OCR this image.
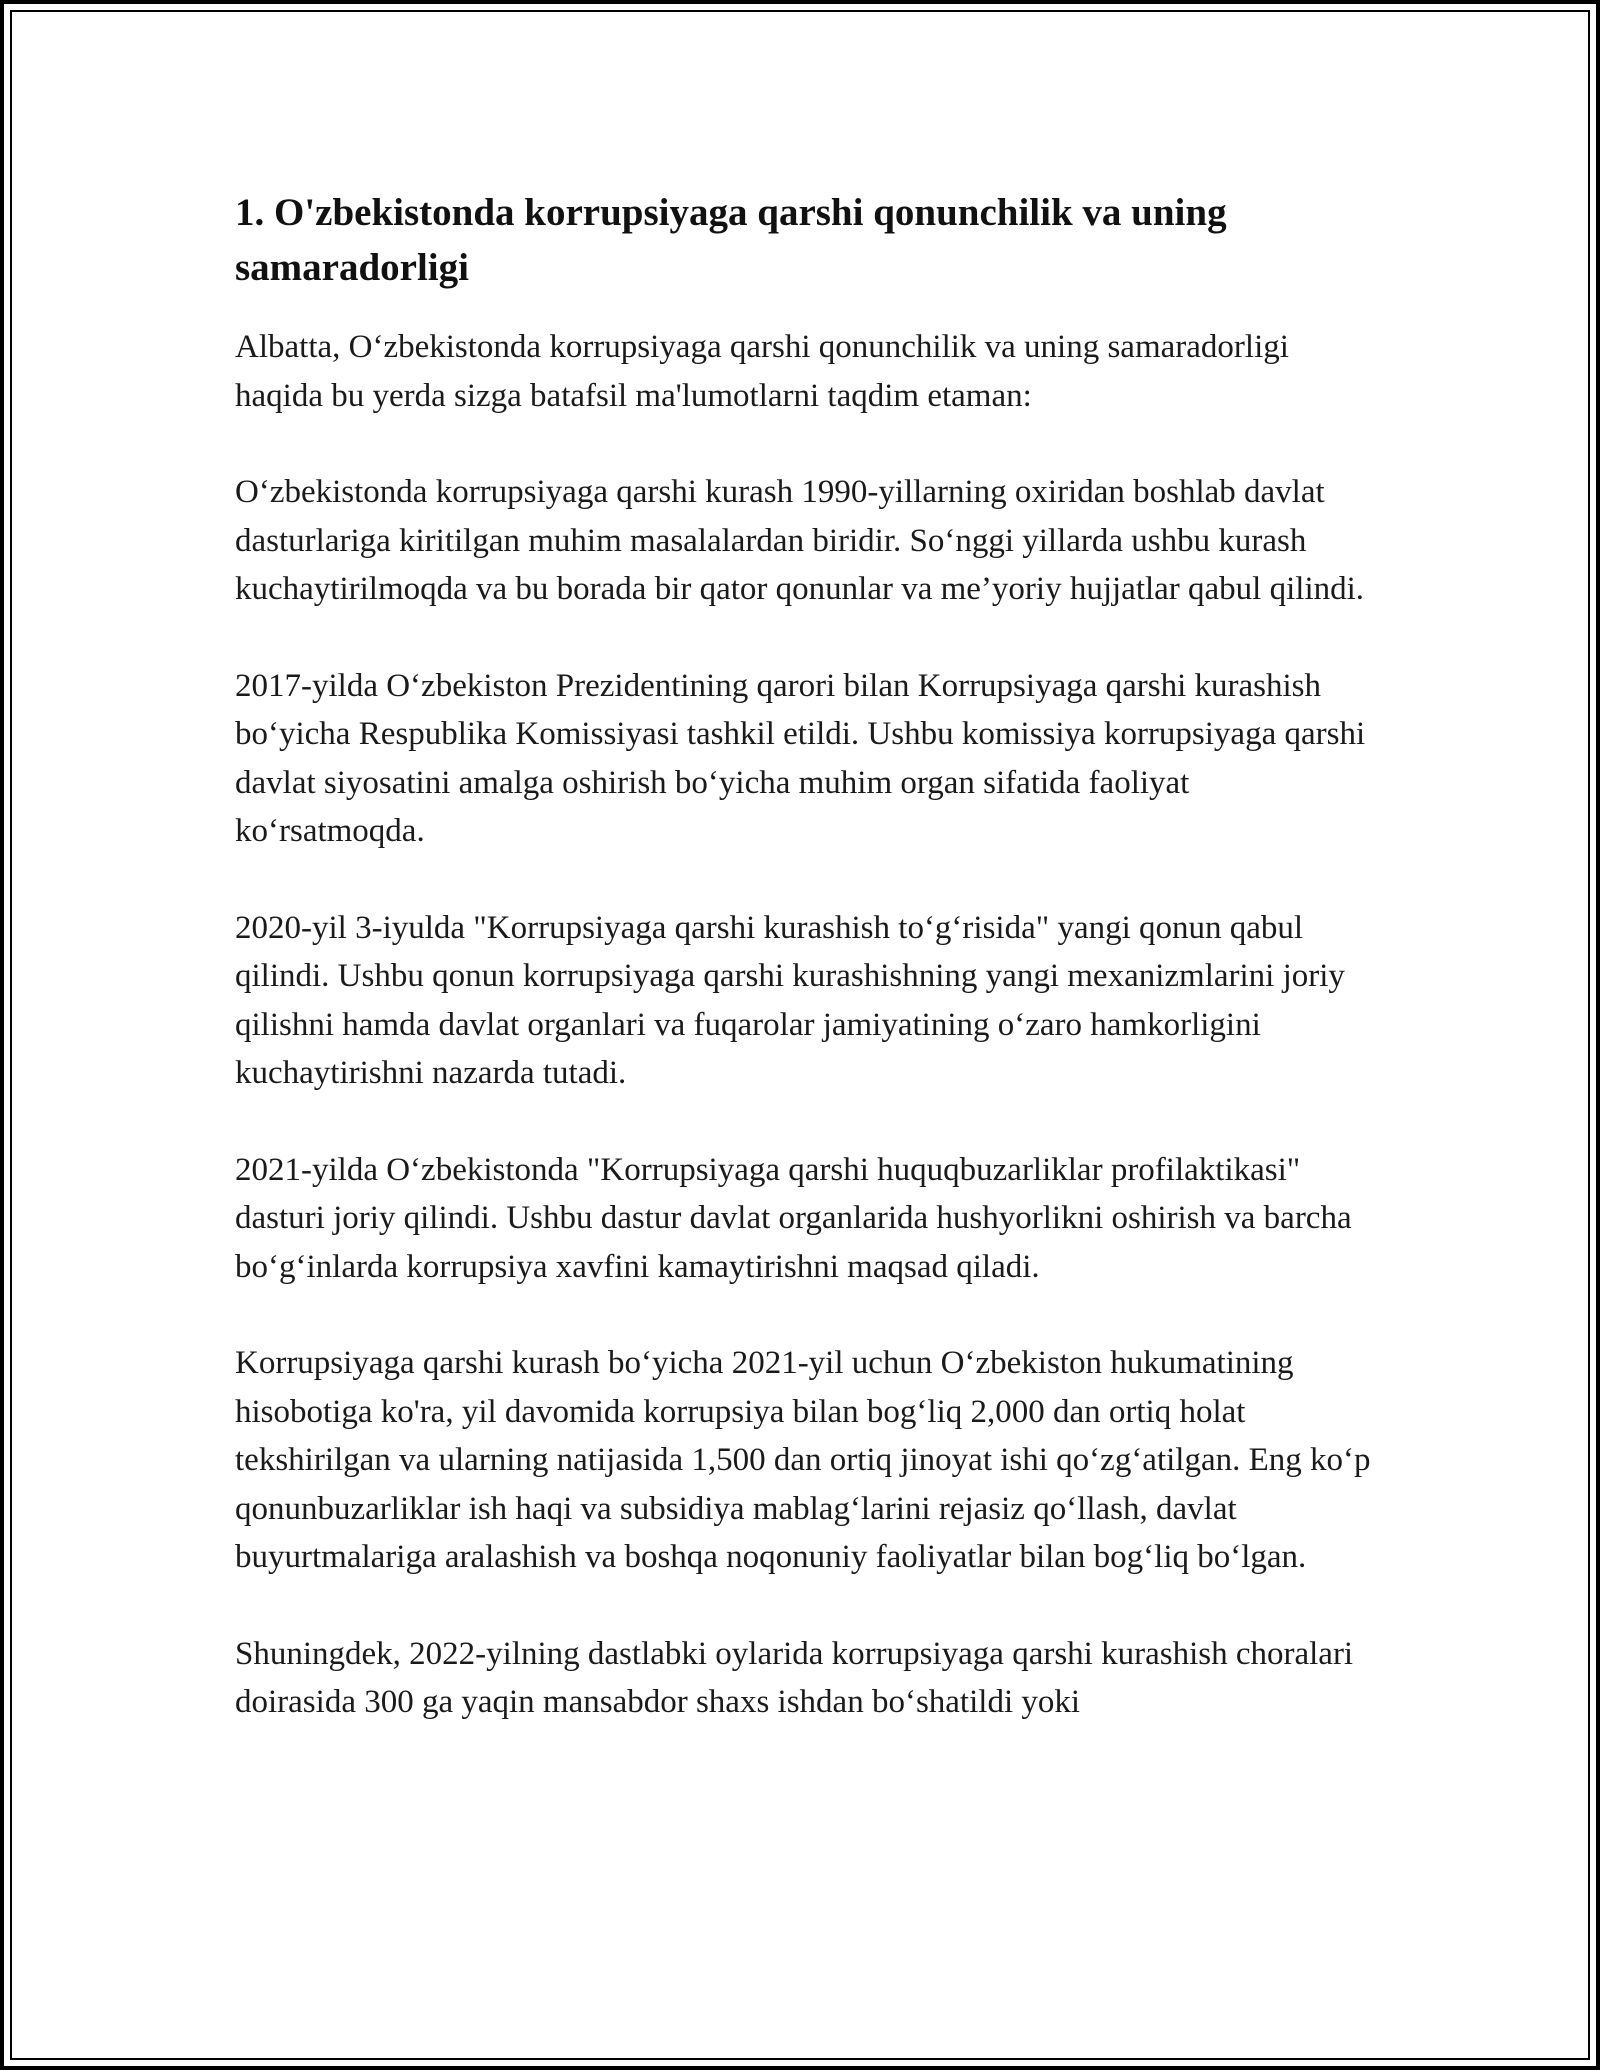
1. O'zbekistonda korrupsiyaga qarshi qonunchilik va uning samaradorligi

Albatta, O‘zbekistonda korrupsiyaga qarshi qonunchilik va uning samaradorligi haqida bu yerda sizga batafsil ma'lumotlarni taqdim etaman:

O‘zbekistonda korrupsiyaga qarshi kurash 1990-yillarning oxiridan boshlab davlat dasturlariga kiritilgan muhim masalalardan biridir. So‘nggi yillarda ushbu kurash kuchaytirilmoqda va bu borada bir qator qonunlar va me’yoriy hujjatlar qabul qilindi.

2017-yilda O‘zbekiston Prezidentining qarori bilan Korrupsiyaga qarshi kurashish bo‘yicha Respublika Komissiyasi tashkil etildi. Ushbu komissiya korrupsiyaga qarshi davlat siyosatini amalga oshirish bo‘yicha muhim organ sifatida faoliyat ko‘rsatmoqda.

2020-yil 3-iyulda "Korrupsiyaga qarshi kurashish to‘g‘risida" yangi qonun qabul qilindi. Ushbu qonun korrupsiyaga qarshi kurashishning yangi mexanizmlarini joriy qilishni hamda davlat organlari va fuqarolar jamiyatining o‘zaro hamkorligini kuchaytirishni nazarda tutadi.

2021-yilda O‘zbekistonda "Korrupsiyaga qarshi huquqbuzarliklar profilaktikasi" dasturi joriy qilindi. Ushbu dastur davlat organlarida hushyorlikni oshirish va barcha bo‘g‘inlarda korrupsiya xavfini kamaytirishni maqsad qiladi.

Korrupsiyaga qarshi kurash bo‘yicha 2021-yil uchun O‘zbekiston hukumatining hisobotiga ko'ra, yil davomida korrupsiya bilan bog‘liq 2,000 dan ortiq holat tekshirilgan va ularning natijasida 1,500 dan ortiq jinoyat ishi qo‘zg‘atilgan. Eng ko‘p qonunbuzarliklar ish haqi va subsidiya mablag‘larini rejasiz qo‘llash, davlat buyurtmalariga aralashish va boshqa noqonuniy faoliyatlar bilan bog‘liq bo‘lgan.

Shuningdek, 2022-yilning dastlabki oylarida korrupsiyaga qarshi kurashish choralari doirasida 300 ga yaqin mansabdor shaxs ishdan bo‘shatildi yoki
